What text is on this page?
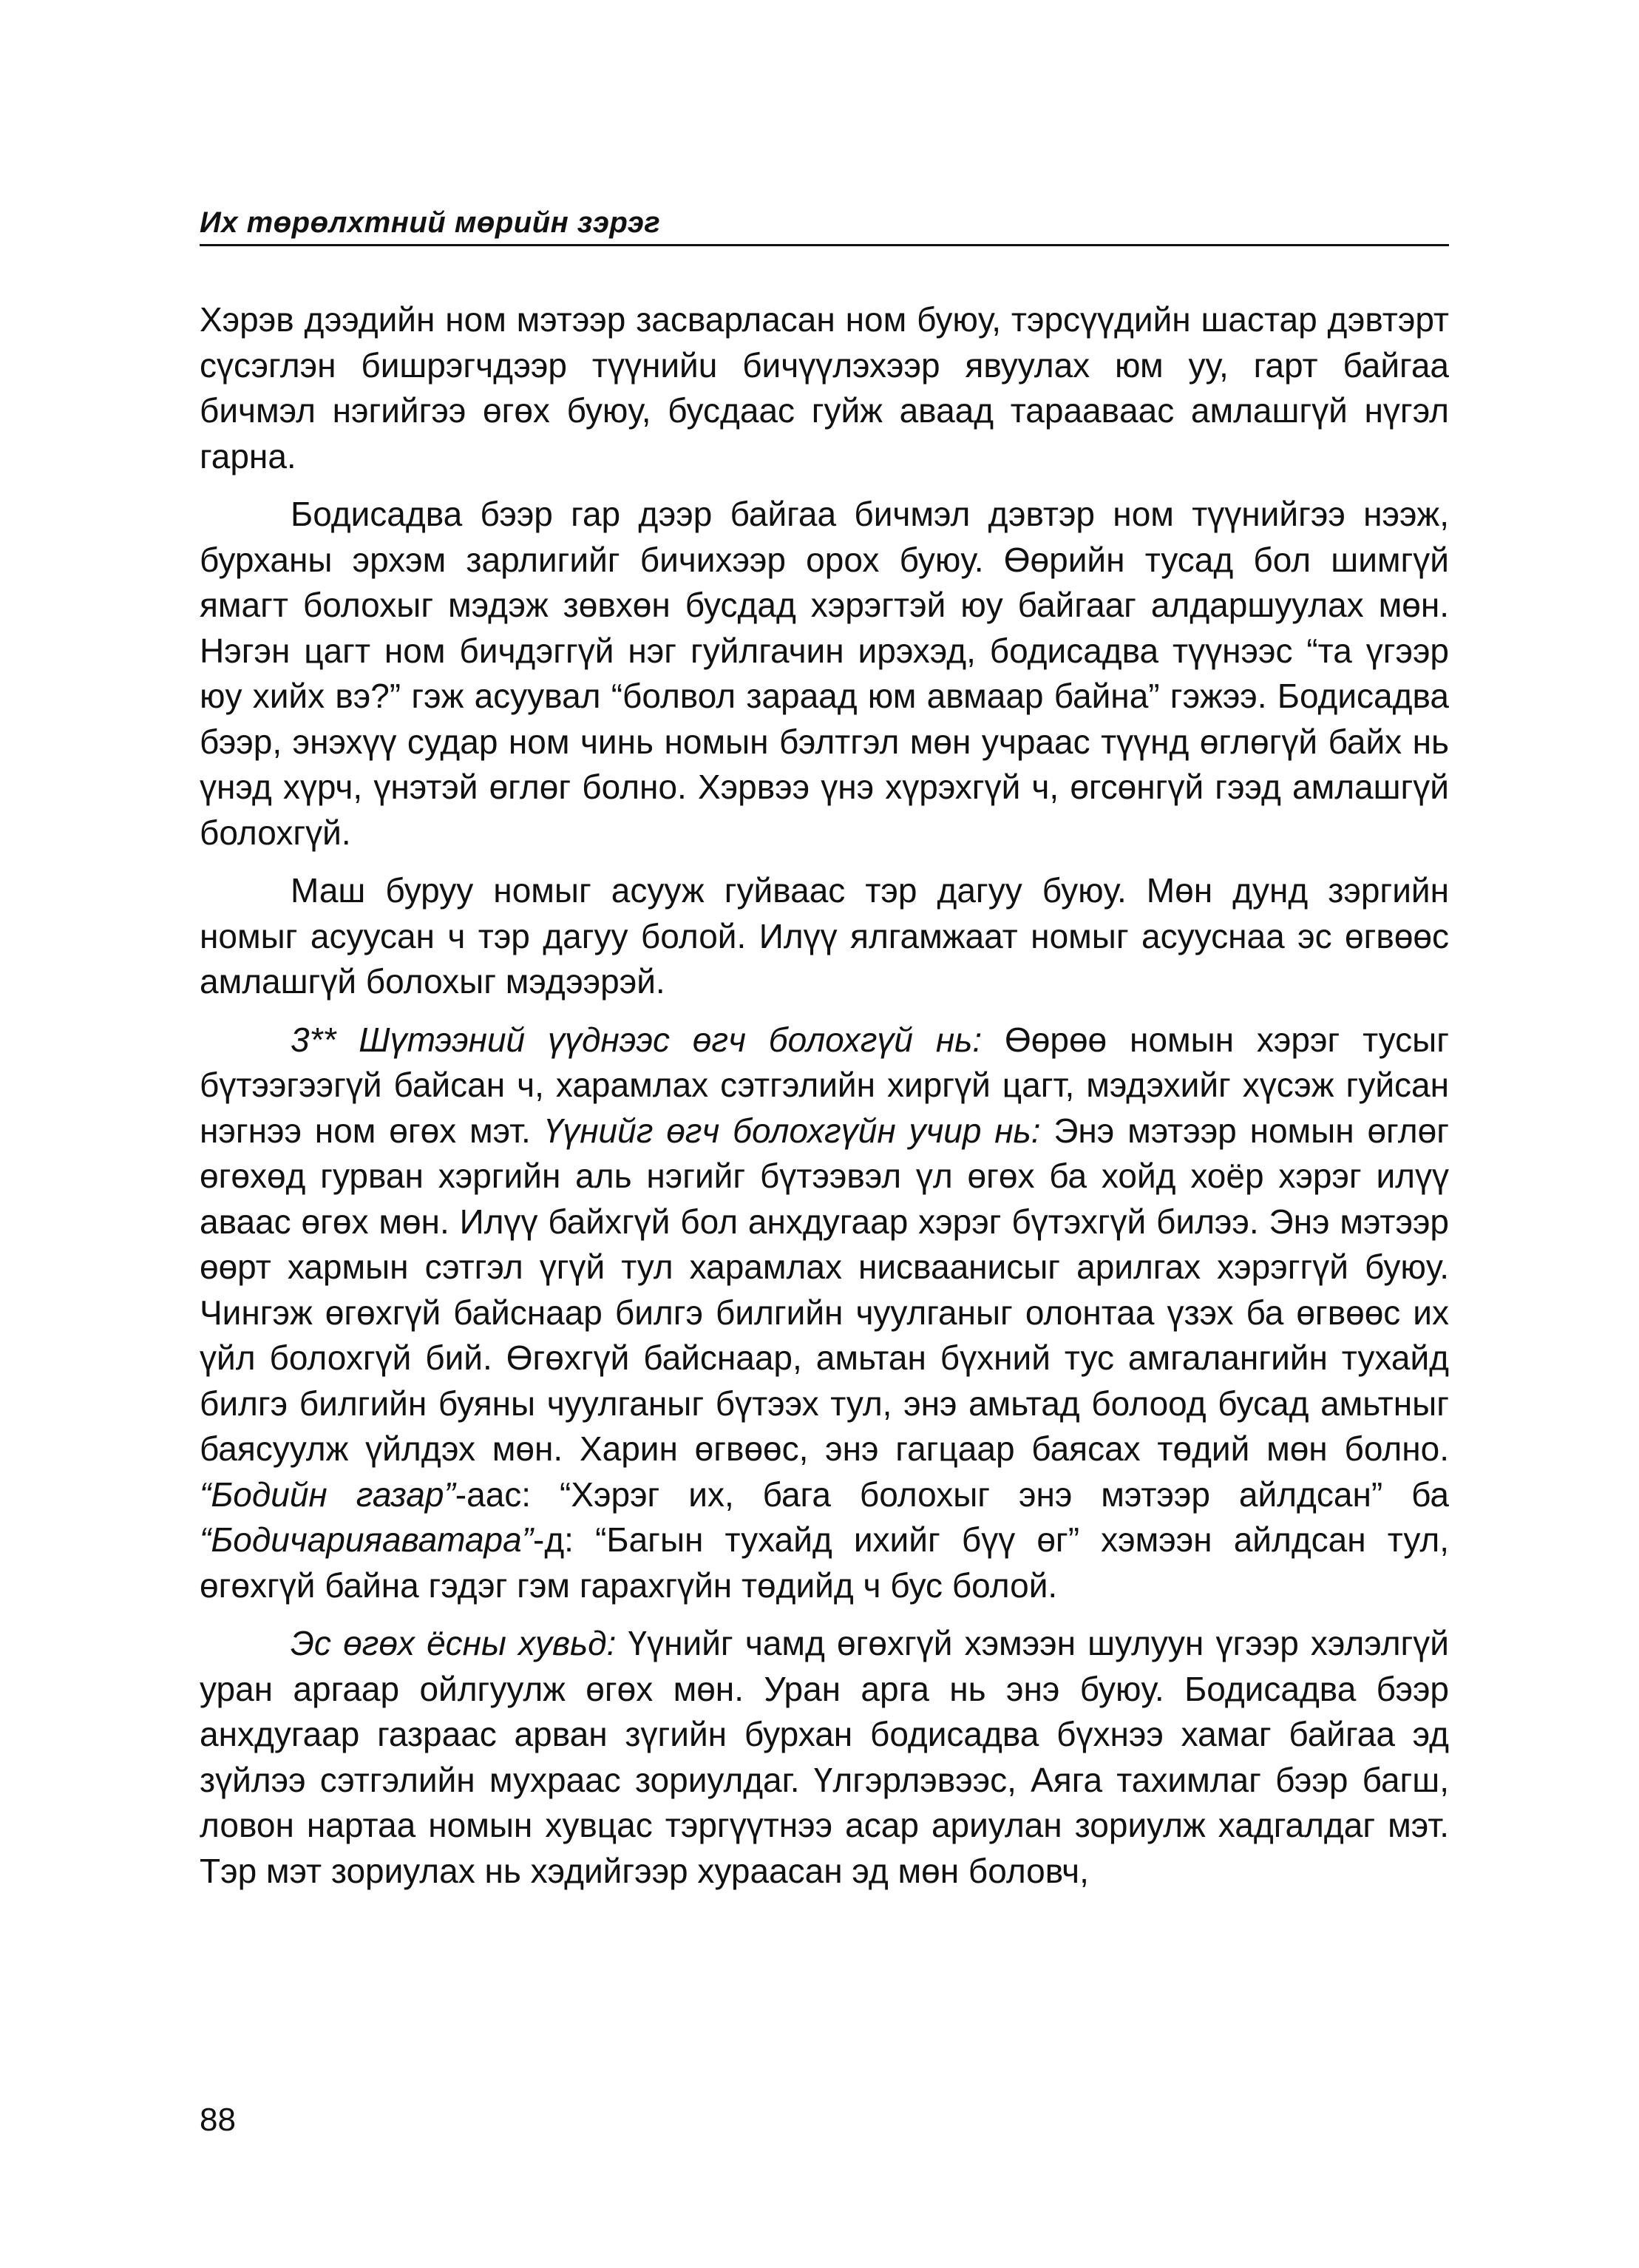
Их төрөлхтний мөрийн зэрэг

Хэрэв дээдийн ном мэтээр засварласан ном буюу, тэрсүүдийн шастар дэвтэрт сүсэглэн бишрэгчдээр түүнийu бичүүлэхээр явуулах юм уу, гарт байгаа бичмэл нэгийгээ өгөх буюу, бусдаас гуйж аваад тараавaас амлашгүй нүгэл гарна.

Бодисадва бээр гар дээр байгаа бичмэл дэвтэр ном түүнийгээ нээж, бурханы эрхэм зарлигийг бичихээр орох буюу. Өөрийн тусад бол шимгүй ямагт болохыг мэдэж зөвхөн бусдад хэрэгтэй юу байгааг алдаршуулах мөн. Нэгэн цагт ном бичдэггүй нэг гуйлгачин ирэхэд, бодисадва түүнээс “та үгээр юу хийх вэ?” гэж асуувал “болвол зараад юм авмаар байна” гэжээ. Бодисадва бээр, энэхүү судар ном чинь номын бэлтгэл мөн учраас түүнд өглөгүй байх нь үнэд хүрч, үнэтэй өглөг болно. Хэрвээ үнэ хүрэхгүй ч, өгсөнгүй гээд амлашгүй болохгүй.

Маш буруу номыг асууж гуйваас тэр дагуу буюу. Мөн дунд зэргийн номыг асуусан ч тэр дагуу болой. Илүү ялгамжаат номыг асууснаа эс өгвөөс амлашгүй болохыг мэдээрэй.

3** Шүтээний үүднээс өгч болохгүй нь: Өөрөө номын хэрэг тусыг бүтээгээгүй байсан ч, харамлах сэтгэлийн хиргүй цагт, мэдэхийг хүсэж гуйсан нэгнээ ном өгөх мэт. Үүнийг өгч болохгүйн учир нь: Энэ мэтээр номын өглөг өгөхөд гурван хэргийн аль нэгийг бүтээвэл үл өгөх ба хойд хоёр хэрэг илүү аваас өгөх мөн. Илүү байхгүй бол анхдугаар хэрэг бүтэхгүй билээ. Энэ мэтээр өөрт хармын сэтгэл үгүй тул харамлах нисваанисыг арилгах хэрэггүй буюу. Чингэж өгөхгүй байснаар билгэ билгийн чуулганыг олонтаа үзэх ба өгвөөс их үйл болохгүй бий. Өгөхгүй байснаар, амьтан бүхний тус амгалангийн тухайд билгэ билгийн буяны чуулганыг бүтээх тул, энэ амьтад болоод бусад амьтныг баясуулж үйлдэх мөн. Харин өгвөөс, энэ гагцаар баясах төдий мөн болно. “Бодийн газар”-аас: “Хэрэг их, бага болохыг энэ мэтээр айлдсан” ба “Бодичарияаватара”-д: “Багын тухайд ихийг бүү өг” хэмээн айлдсан тул, өгөхгүй байна гэдэг гэм гарахгүйн төдийд ч бус болой.

Эс өгөх ёсны хувьд: Үүнийг чамд өгөхгүй хэмээн шулуун үгээр хэлэлгүй уран аргаар ойлгуулж өгөх мөн. Уран арга нь энэ буюу. Бодисадва бээр анхдугаар газраас арван зүгийн бурхан бодисадва бүхнээ хамаг байгаа эд зүйлээ сэтгэлийн мухраас зориулдаг. Үлгэрлэвээс, Аяга тахимлаг бээр багш, ловон нартаа номын хувцас тэргүүтнээ асар ариулан зориулж хадгалдаг мэт. Тэр мэт зориулах нь хэдийгээр хураасан эд мөн боловч,

88
